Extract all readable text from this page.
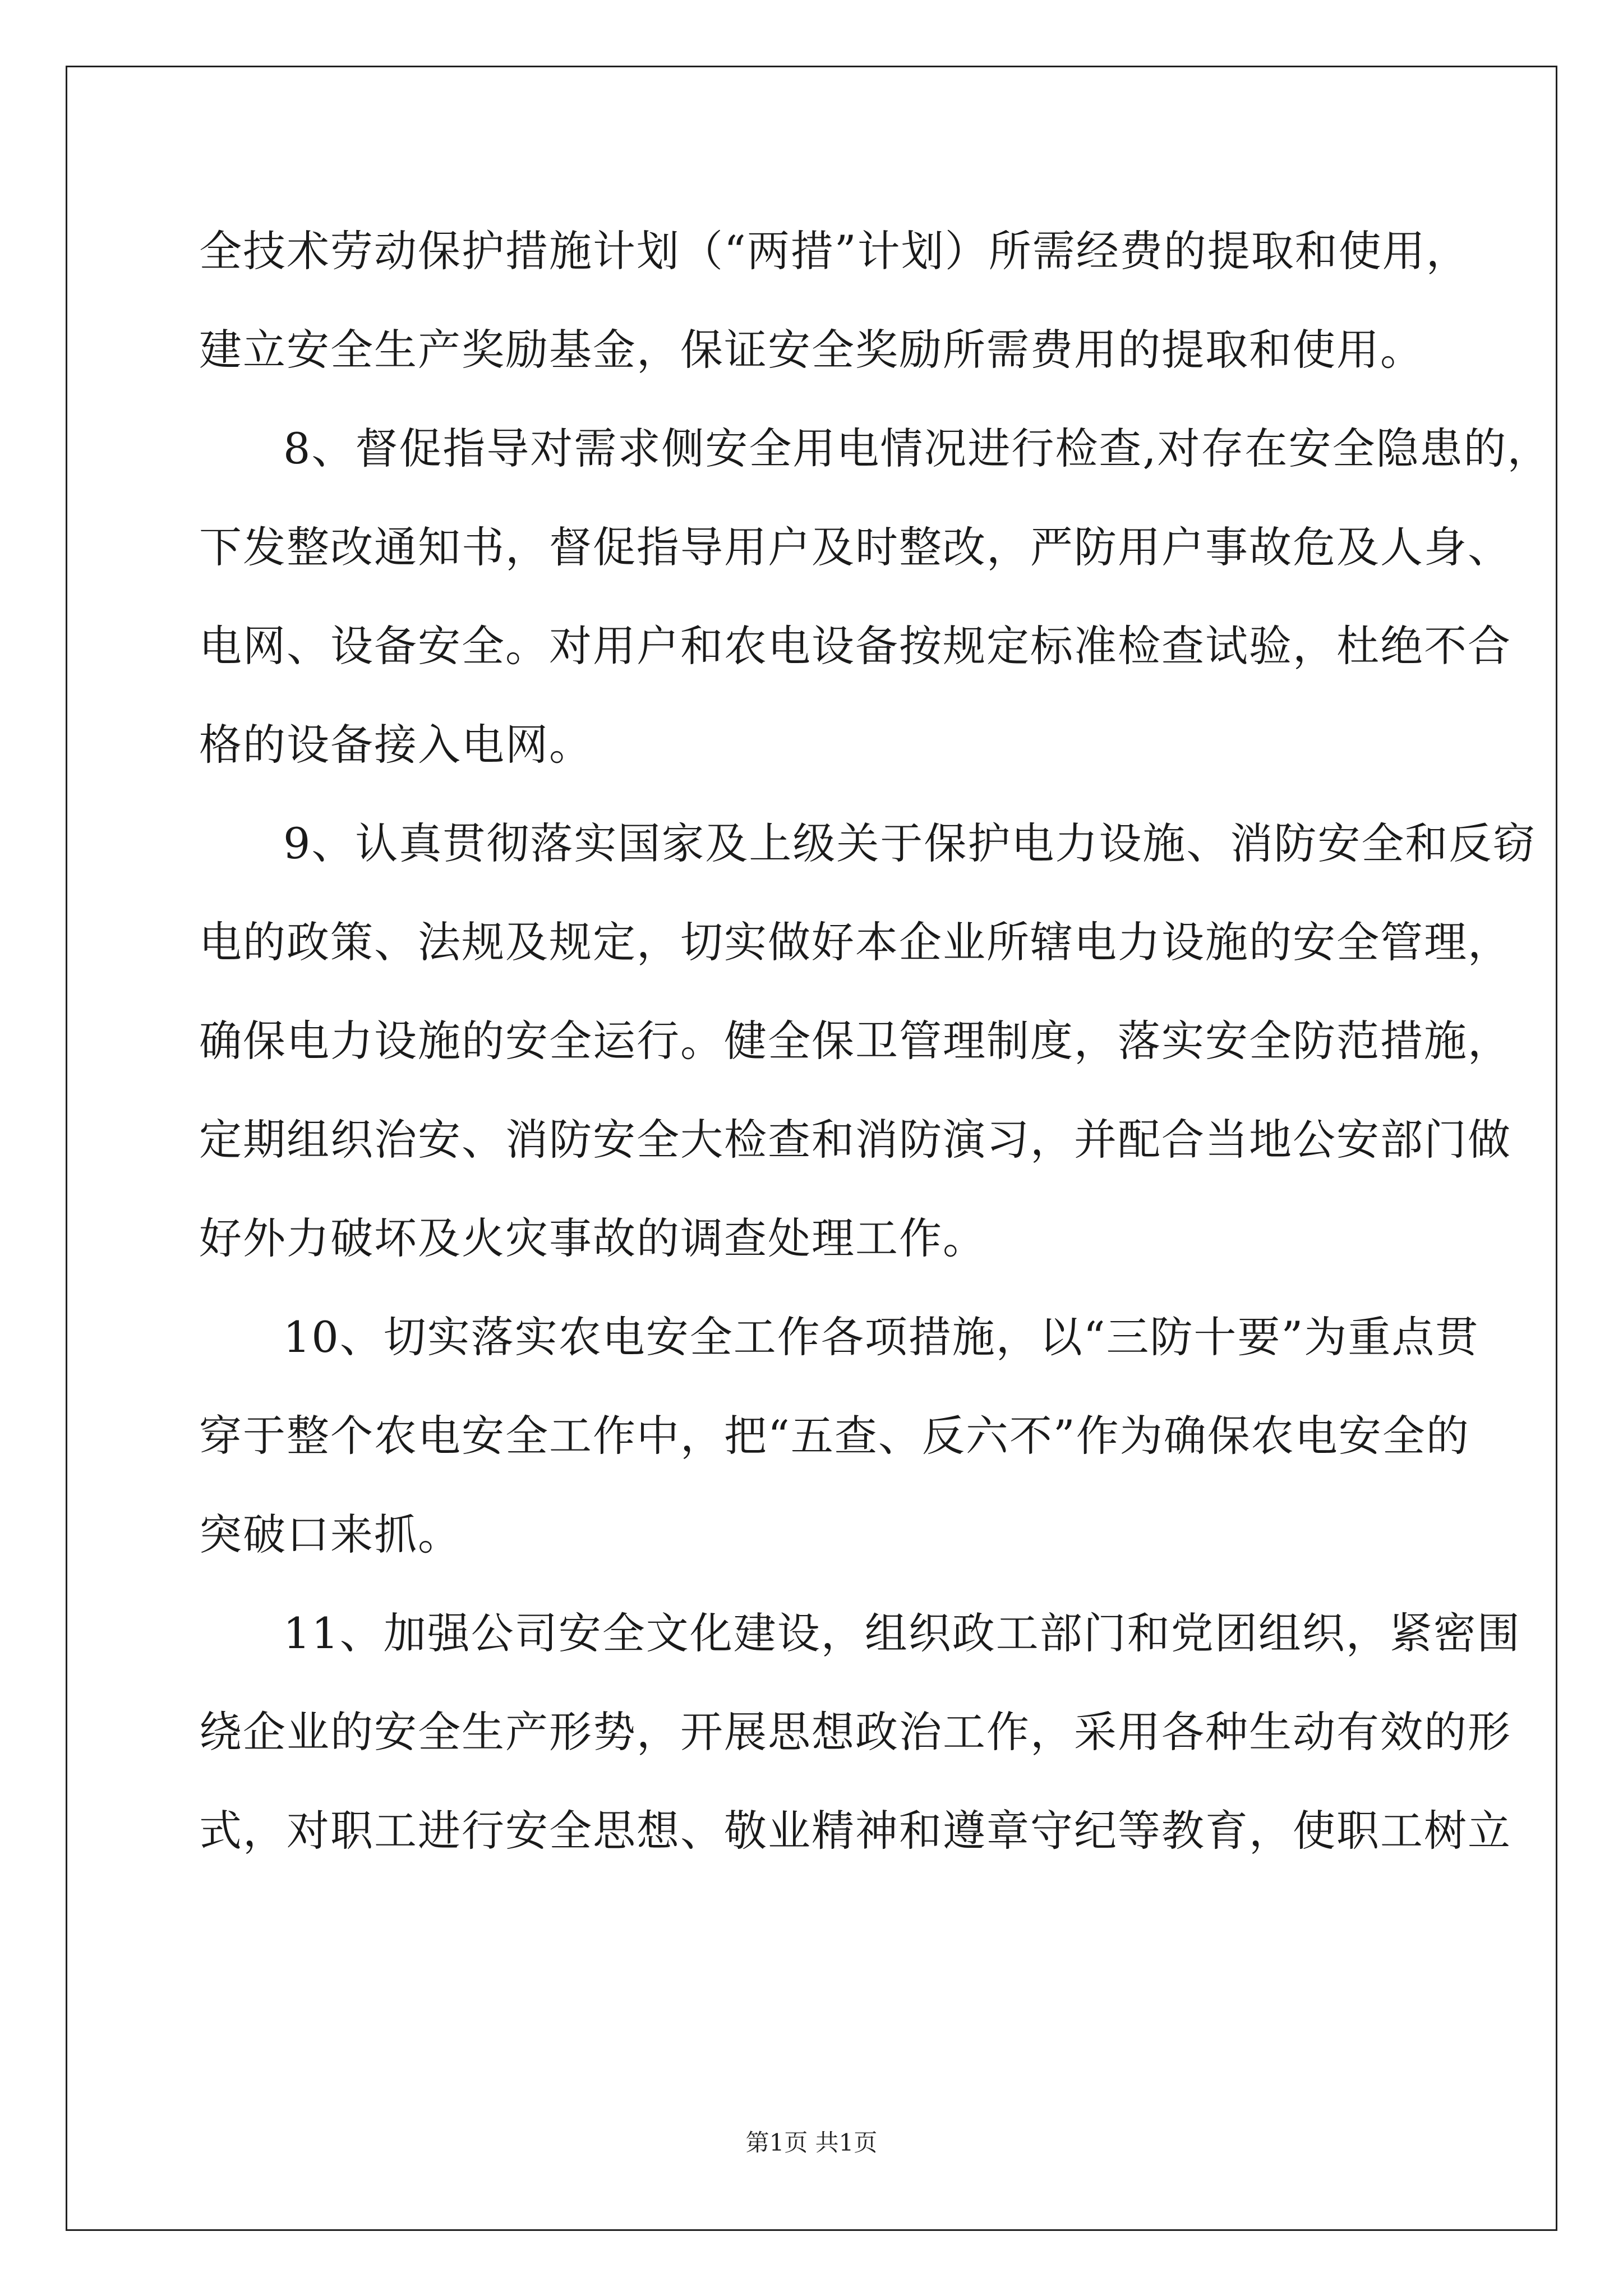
全技术劳动保护措施计划（“两措”计划）所需经费的提取和使用，
建立安全生产奖励基金，保证安全奖励所需费用的提取和使用。
8、督促指导对需求侧安全用电情况进行检查,对存在安全隐患的，
下发整改通知书，督促指导用户及时整改，严防用户事故危及人身、
电网、设备安全。对用户和农电设备按规定标准检查试验，杜绝不合
格的设备接入电网。
9、认真贯彻落实国家及上级关于保护电力设施、消防安全和反窃
电的政策、法规及规定，切实做好本企业所辖电力设施的安全管理，
确保电力设施的安全运行。健全保卫管理制度，落实安全防范措施，
定期组织治安、消防安全大检查和消防演习，并配合当地公安部门做
好外力破坏及火灾事故的调查处理工作。
10、切实落实农电安全工作各项措施，以“三防十要”为重点贯
穿于整个农电安全工作中，把“五查、反六不”作为确保农电安全的
突破口来抓。
11、加强公司安全文化建设，组织政工部门和党团组织，紧密围
绕企业的安全生产形势，开展思想政治工作，采用各种生动有效的形
式，对职工进行安全思想、敬业精神和遵章守纪等教育，使职工树立
第1页 共1页
